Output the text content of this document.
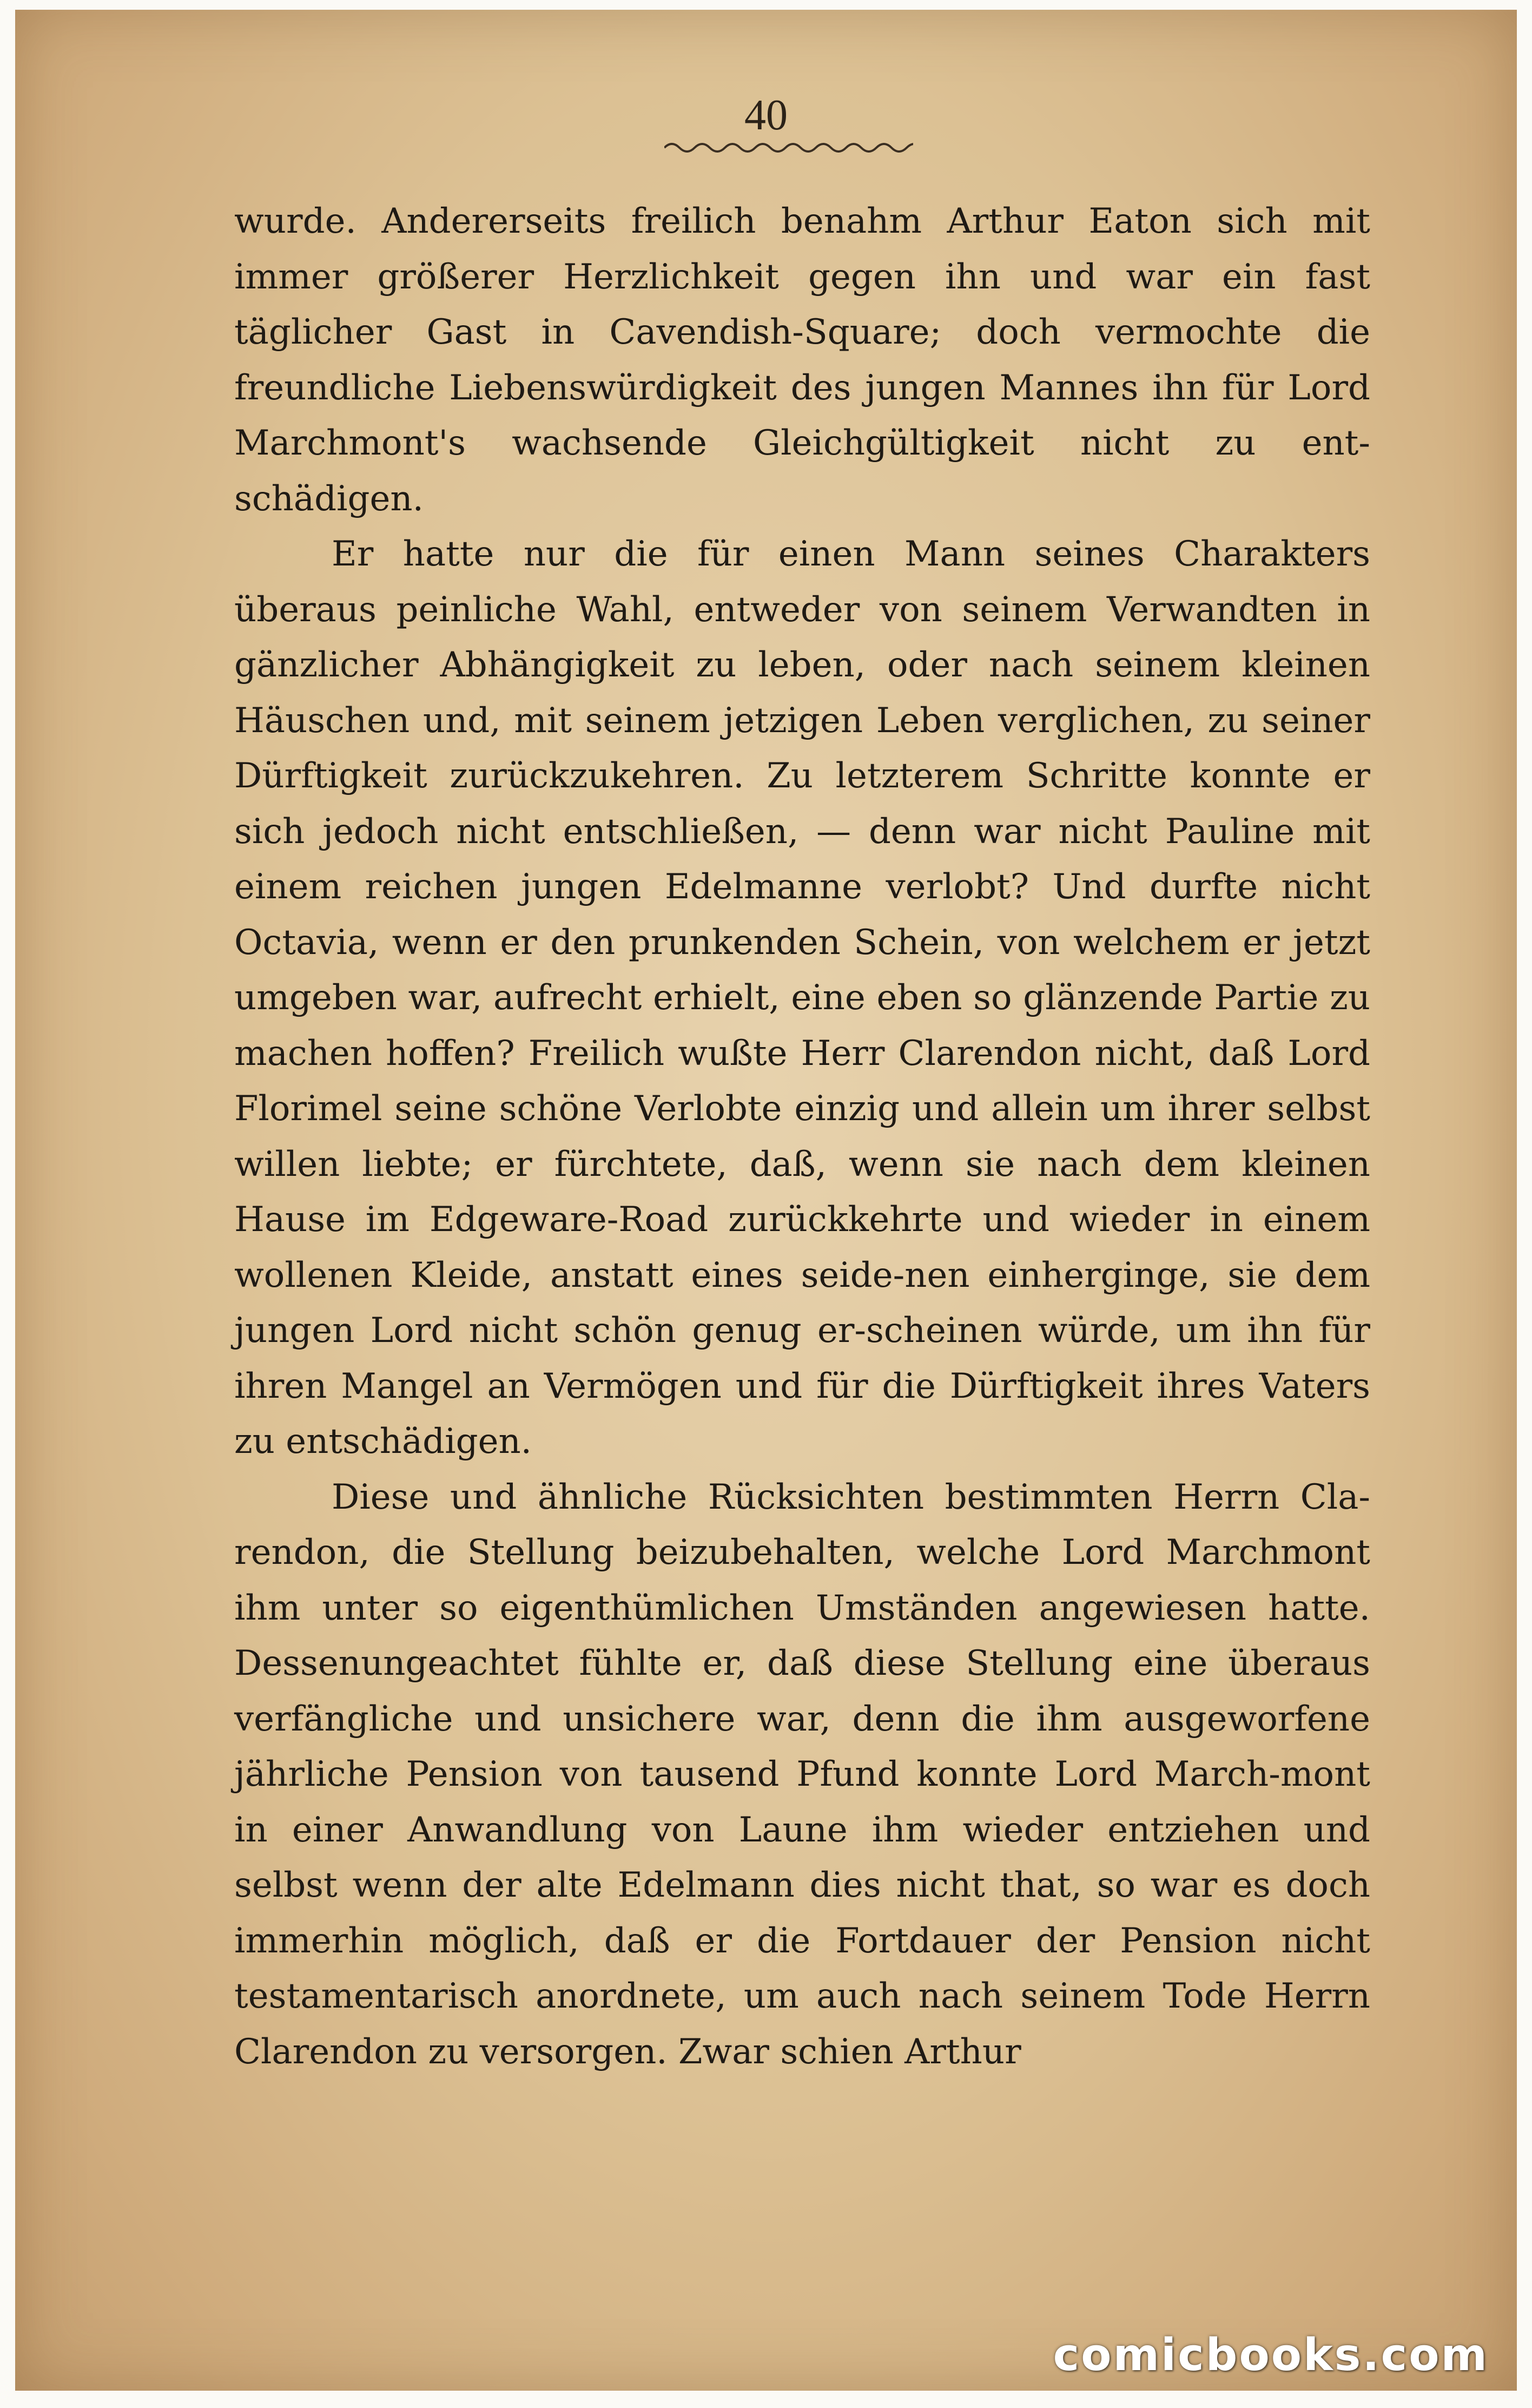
40

wurde. Andererseits freilich benahm Arthur Eaton sich mit immer größerer Herzlichkeit gegen ihn und war ein fast täglicher Gast in Cavendish-Square; doch vermochte die freundliche Liebenswürdigkeit des jungen Mannes ihn für Lord Marchmont's wachsende Gleichgültigkeit nicht zu ent-schädigen.

Er hatte nur die für einen Mann seines Charakters überaus peinliche Wahl, entweder von seinem Verwandten in gänzlicher Abhängigkeit zu leben, oder nach seinem kleinen Häuschen und, mit seinem jetzigen Leben verglichen, zu seiner Dürftigkeit zurückzukehren. Zu letzterem Schritte konnte er sich jedoch nicht entschließen, — denn war nicht Pauline mit einem reichen jungen Edelmanne verlobt? Und durfte nicht Octavia, wenn er den prunkenden Schein, von welchem er jetzt umgeben war, aufrecht erhielt, eine eben so glänzende Partie zu machen hoffen? Freilich wußte Herr Clarendon nicht, daß Lord Florimel seine schöne Verlobte einzig und allein um ihrer selbst willen liebte; er fürchtete, daß, wenn sie nach dem kleinen Hause im Edgeware-Road zurückkehrte und wieder in einem wollenen Kleide, anstatt eines seide-nen einherginge, sie dem jungen Lord nicht schön genug er-scheinen würde, um ihn für ihren Mangel an Vermögen und für die Dürftigkeit ihres Vaters zu entschädigen.

Diese und ähnliche Rücksichten bestimmten Herrn Cla-rendon, die Stellung beizubehalten, welche Lord Marchmont ihm unter so eigenthümlichen Umständen angewiesen hatte. Dessenungeachtet fühlte er, daß diese Stellung eine überaus verfängliche und unsichere war, denn die ihm ausgeworfene jährliche Pension von tausend Pfund konnte Lord March-mont in einer Anwandlung von Laune ihm wieder entziehen und selbst wenn der alte Edelmann dies nicht that, so war es doch immerhin möglich, daß er die Fortdauer der Pension nicht testamentarisch anordnete, um auch nach seinem Tode Herrn Clarendon zu versorgen. Zwar schien Arthur

comicbooks.com
